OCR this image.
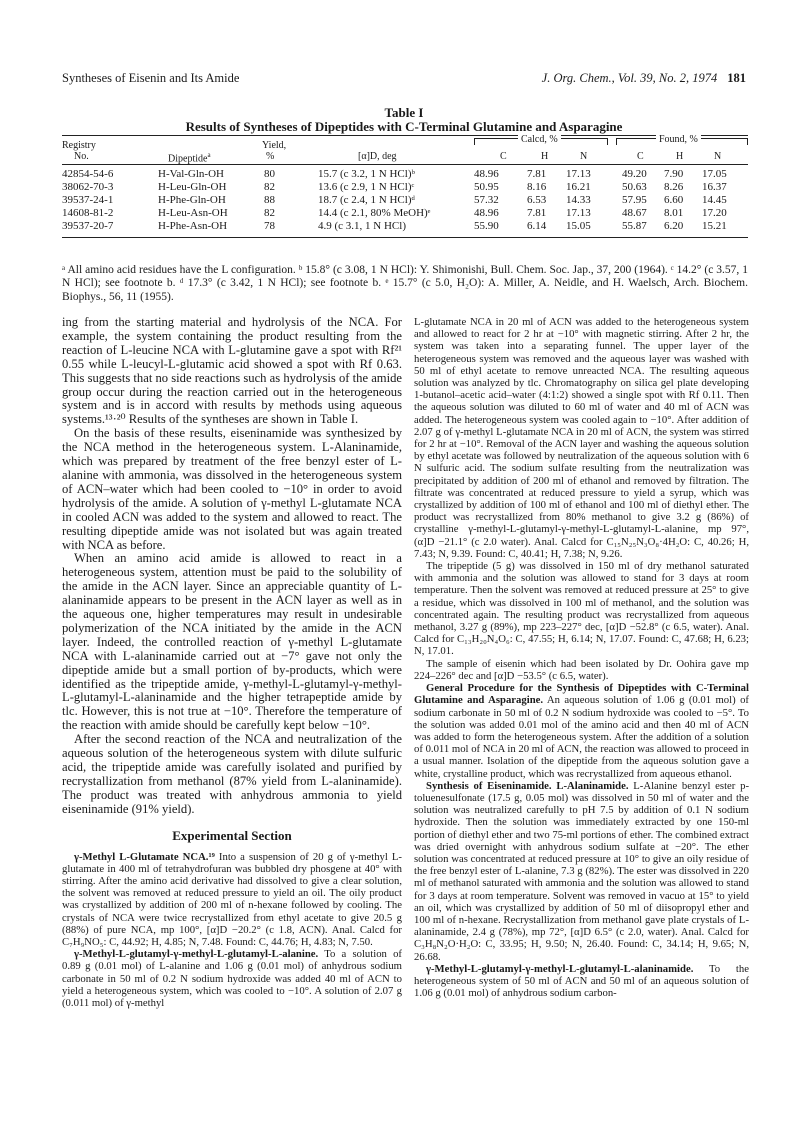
Syntheses of Eisenin and Its Amide	J. Org. Chem., Vol. 39, No. 2, 1974 181
Table I
Results of Syntheses of Dipeptides with C-Terminal Glutamine and Asparagine
Registry
No.	Dipeptide$^a$
Yield,
%	[α]D, deg
Calcd, %	Found, %
C	H	N	C	H	N
42854-54-6	H-Val-Gln-OH	80	15.7 (c 3.2, 1 N HCl)ᵇ	48.96	7.81 17.13	49.20 7.90 17.05
38062-70-3	H-Leu-Gln-OH	82	13.6 (c 2.9, 1 N HCl)ᶜ	50.95	8.16 16.21	50.63 8.26 16.37
39537-24-1	H-Phe-Gln-OH	88	18.7 (c 2.4, 1 N HCl)ᵈ	57.32	6.53 14.33	57.95 6.60 14.45
14608-81-2	H-Leu-Asn-OH	82	14.4 (c 2.1, 80% MeOH)ᵉ	48.96	7.81 17.13	48.67 8.01 17.20
39537-20-7	H-Phe-Asn-OH	78	4.9 (c 3.1, 1 N HCl)	55.90	6.14 15.05	55.87 6.20 15.21
ᵃ All amino acid residues have the L configuration. ᵇ 15.8° (c 3.08, 1 N HCl): Y. Shimonishi, Bull. Chem. Soc. Jap., 37, 200 (1964). ᶜ 14.2° (c 3.57, 1 N HCl); see footnote b. ᵈ 17.3° (c 3.42, 1 N HCl); see footnote b. ᵉ 15.7° (c 5.0, H₂O): A. Miller, A. Neidle, and H. Waelsch, Arch. Biochem. Biophys., 56, 11 (1955).

ing from the starting material and hydrolysis of the NCA. For example, the system containing the product resulting from the reaction of L-leucine NCA with L-glutamine gave a spot with Rf²¹ 0.55 while L-leucyl-L-glutamic acid showed a spot with Rf 0.63. This suggests that no side reactions such as hydrolysis of the amide group occur during the reaction carried out in the heterogeneous system and is in accord with results by methods using aqueous systems.¹³·²⁰ Results of the syntheses are shown in Table I.

On the basis of these results, eiseninamide was synthesized by the NCA method in the heterogeneous system. L-Alaninamide, which was prepared by treatment of the free benzyl ester of L-alanine with ammonia, was dissolved in the heterogeneous system of ACN–water which had been cooled to −10° in order to avoid hydrolysis of the amide. A solution of γ-methyl L-glutamate NCA in cooled ACN was added to the system and allowed to react. The resulting dipeptide amide was not isolated but was again treated with NCA as before.

When an amino acid amide is allowed to react in a heterogeneous system, attention must be paid to the solubility of the amide in the ACN layer. Since an appreciable quantity of L-alaninamide appears to be present in the ACN layer as well as in the aqueous one, higher temperatures may result in undesirable polymerization of the NCA initiated by the amide in the ACN layer. Indeed, the controlled reaction of γ-methyl L-glutamate NCA with L-alaninamide carried out at −7° gave not only the dipeptide amide but a small portion of by-products, which were identified as the tripeptide amide, γ-methyl-L-glutamyl-γ-methyl-L-glutamyl-L-alaninamide and the higher tetrapeptide amide by tlc. However, this is not true at −10°. Therefore the temperature of the reaction with amide should be carefully kept below −10°.

After the second reaction of the NCA and neutralization of the aqueous solution of the heterogeneous system with dilute sulfuric acid, the tripeptide amide was carefully isolated and purified by recrystallization from methanol (87% yield from L-alaninamide). The product was treated with anhydrous ammonia to yield eiseninamide (91% yield).

Experimental Section

γ-Methyl L-Glutamate NCA.¹⁹ Into a suspension of 20 g of γ-methyl L-glutamate in 400 ml of tetrahydrofuran was bubbled dry phosgene at 40° with stirring. After the amino acid derivative had dissolved to give a clear solution, the solvent was removed at reduced pressure to yield an oil. The oily product was crystallized by addition of 200 ml of n-hexane followed by cooling. The crystals of NCA were twice recrystallized from ethyl acetate to give 20.5 g (88%) of pure NCA, mp 100°, [α]D −20.2° (c 1.8, ACN). Anal. Calcd for C₇H₉NO₅: C, 44.92; H, 4.85; N, 7.48. Found: C, 44.76; H, 4.83; N, 7.50.

γ-Methyl-L-glutamyl-γ-methyl-L-glutamyl-L-alanine. To a solution of 0.89 g (0.01 mol) of L-alanine and 1.06 g (0.01 mol) of anhydrous sodium carbonate in 50 ml of 0.2 N sodium hydroxide was added 40 ml of ACN to yield a heterogeneous system, which was cooled to −10°. A solution of 2.07 g (0.011 mol) of γ-methyl

L-glutamate NCA in 20 ml of ACN was added to the heterogeneous system and allowed to react for 2 hr at −10° with magnetic stirring. After 2 hr, the system was taken into a separating funnel. The upper layer of the heterogeneous system was removed and the aqueous layer was washed with 50 ml of ethyl acetate to remove unreacted NCA. The resulting aqueous solution was analyzed by tlc. Chromatography on silica gel plate developing 1-butanol–acetic acid–water (4:1:2) showed a single spot with Rf 0.11. Then the aqueous solution was diluted to 60 ml of water and 40 ml of ACN was added. The heterogeneous system was cooled again to −10°. After addition of 2.07 g of γ-methyl L-glutamate NCA in 20 ml of ACN, the system was stirred for 2 hr at −10°. Removal of the ACN layer and washing the aqueous solution by ethyl acetate was followed by neutralization of the aqueous solution with 6 N sulfuric acid. The sodium sulfate resulting from the neutralization was precipitated by addition of 200 ml of ethanol and removed by filtration. The filtrate was concentrated at reduced pressure to yield a syrup, which was crystallized by addition of 100 ml of ethanol and 100 ml of diethyl ether. The product was recrystallized from 80% methanol to give 3.2 g (86%) of crystalline γ-methyl-L-glutamyl-γ-methyl-L-glutamyl-L-alanine, mp 97°, (α]D −21.1° (c 2.0 water). Anal. Calcd for C₁₅N₂₅N₃O₈·4H₂O: C, 40.26; H, 7.43; N, 9.39. Found: C, 40.41; H, 7.38; N, 9.26.

The tripeptide (5 g) was dissolved in 150 ml of dry methanol saturated with ammonia and the solution was allowed to stand for 3 days at room temperature. Then the solvent was removed at reduced pressure at 25° to give a residue, which was dissolved in 100 ml of methanol, and the solution was concentrated again. The resulting product was recrystallized from aqueous methanol, 3.27 g (89%), mp 223–227° dec, [α]D −52.8° (c 6.5, water). Anal. Calcd for C₁₃H₂₀N₄O₆: C, 47.55; H, 6.14; N, 17.07. Found: C, 47.68; H, 6.23; N, 17.01.

The sample of eisenin which had been isolated by Dr. Oohira gave mp 224–226° dec and [α]D −53.5° (c 6.5, water).

General Procedure for the Synthesis of Dipeptides with C-Terminal Glutamine and Asparagine. An aqueous solution of 1.06 g (0.01 mol) of sodium carbonate in 50 ml of 0.2 N sodium hydroxide was cooled to −5°. To the solution was added 0.01 mol of the amino acid and then 40 ml of ACN was added to form the heterogeneous system. After the addition of a solution of 0.011 mol of NCA in 20 ml of ACN, the reaction was allowed to proceed in a usual manner. Isolation of the dipeptide from the aqueous solution gave a white, crystalline product, which was recrystallized from aqueous ethanol.

Synthesis of Eiseninamide. L-Alaninamide. L-Alanine benzyl ester p-toluenesulfonate (17.5 g, 0.05 mol) was dissolved in 50 ml of water and the solution was neutralized carefully to pH 7.5 by addition of 0.1 N sodium hydroxide. Then the solution was immediately extracted by one 150-ml portion of diethyl ether and two 75-ml portions of ether. The combined extract was dried overnight with anhydrous sodium sulfate at −20°. The ether solution was concentrated at reduced pressure at 10° to give an oily residue of the free benzyl ester of L-alanine, 7.3 g (82%). The ester was dissolved in 220 ml of methanol saturated with ammonia and the solution was allowed to stand for 3 days at room temperature. Solvent was removed in vacuo at 15° to yield an oil, which was crystallized by addition of 50 ml of diisopropyl ether and 100 ml of n-hexane. Recrystallization from methanol gave plate crystals of L-alaninamide, 2.4 g (78%), mp 72°, [α]D 6.5° (c 2.0, water). Anal. Calcd for C₃H₈N₂O·H₂O: C, 33.95; H, 9.50; N, 26.40. Found: C, 34.14; H, 9.65; N, 26.68.

γ-Methyl-L-glutamyl-γ-methyl-L-glutamyl-L-alaninamide. To the heterogeneous system of 50 ml of ACN and 50 ml of an aqueous solution of 1.06 g (0.01 mol) of anhydrous sodium carbon-
